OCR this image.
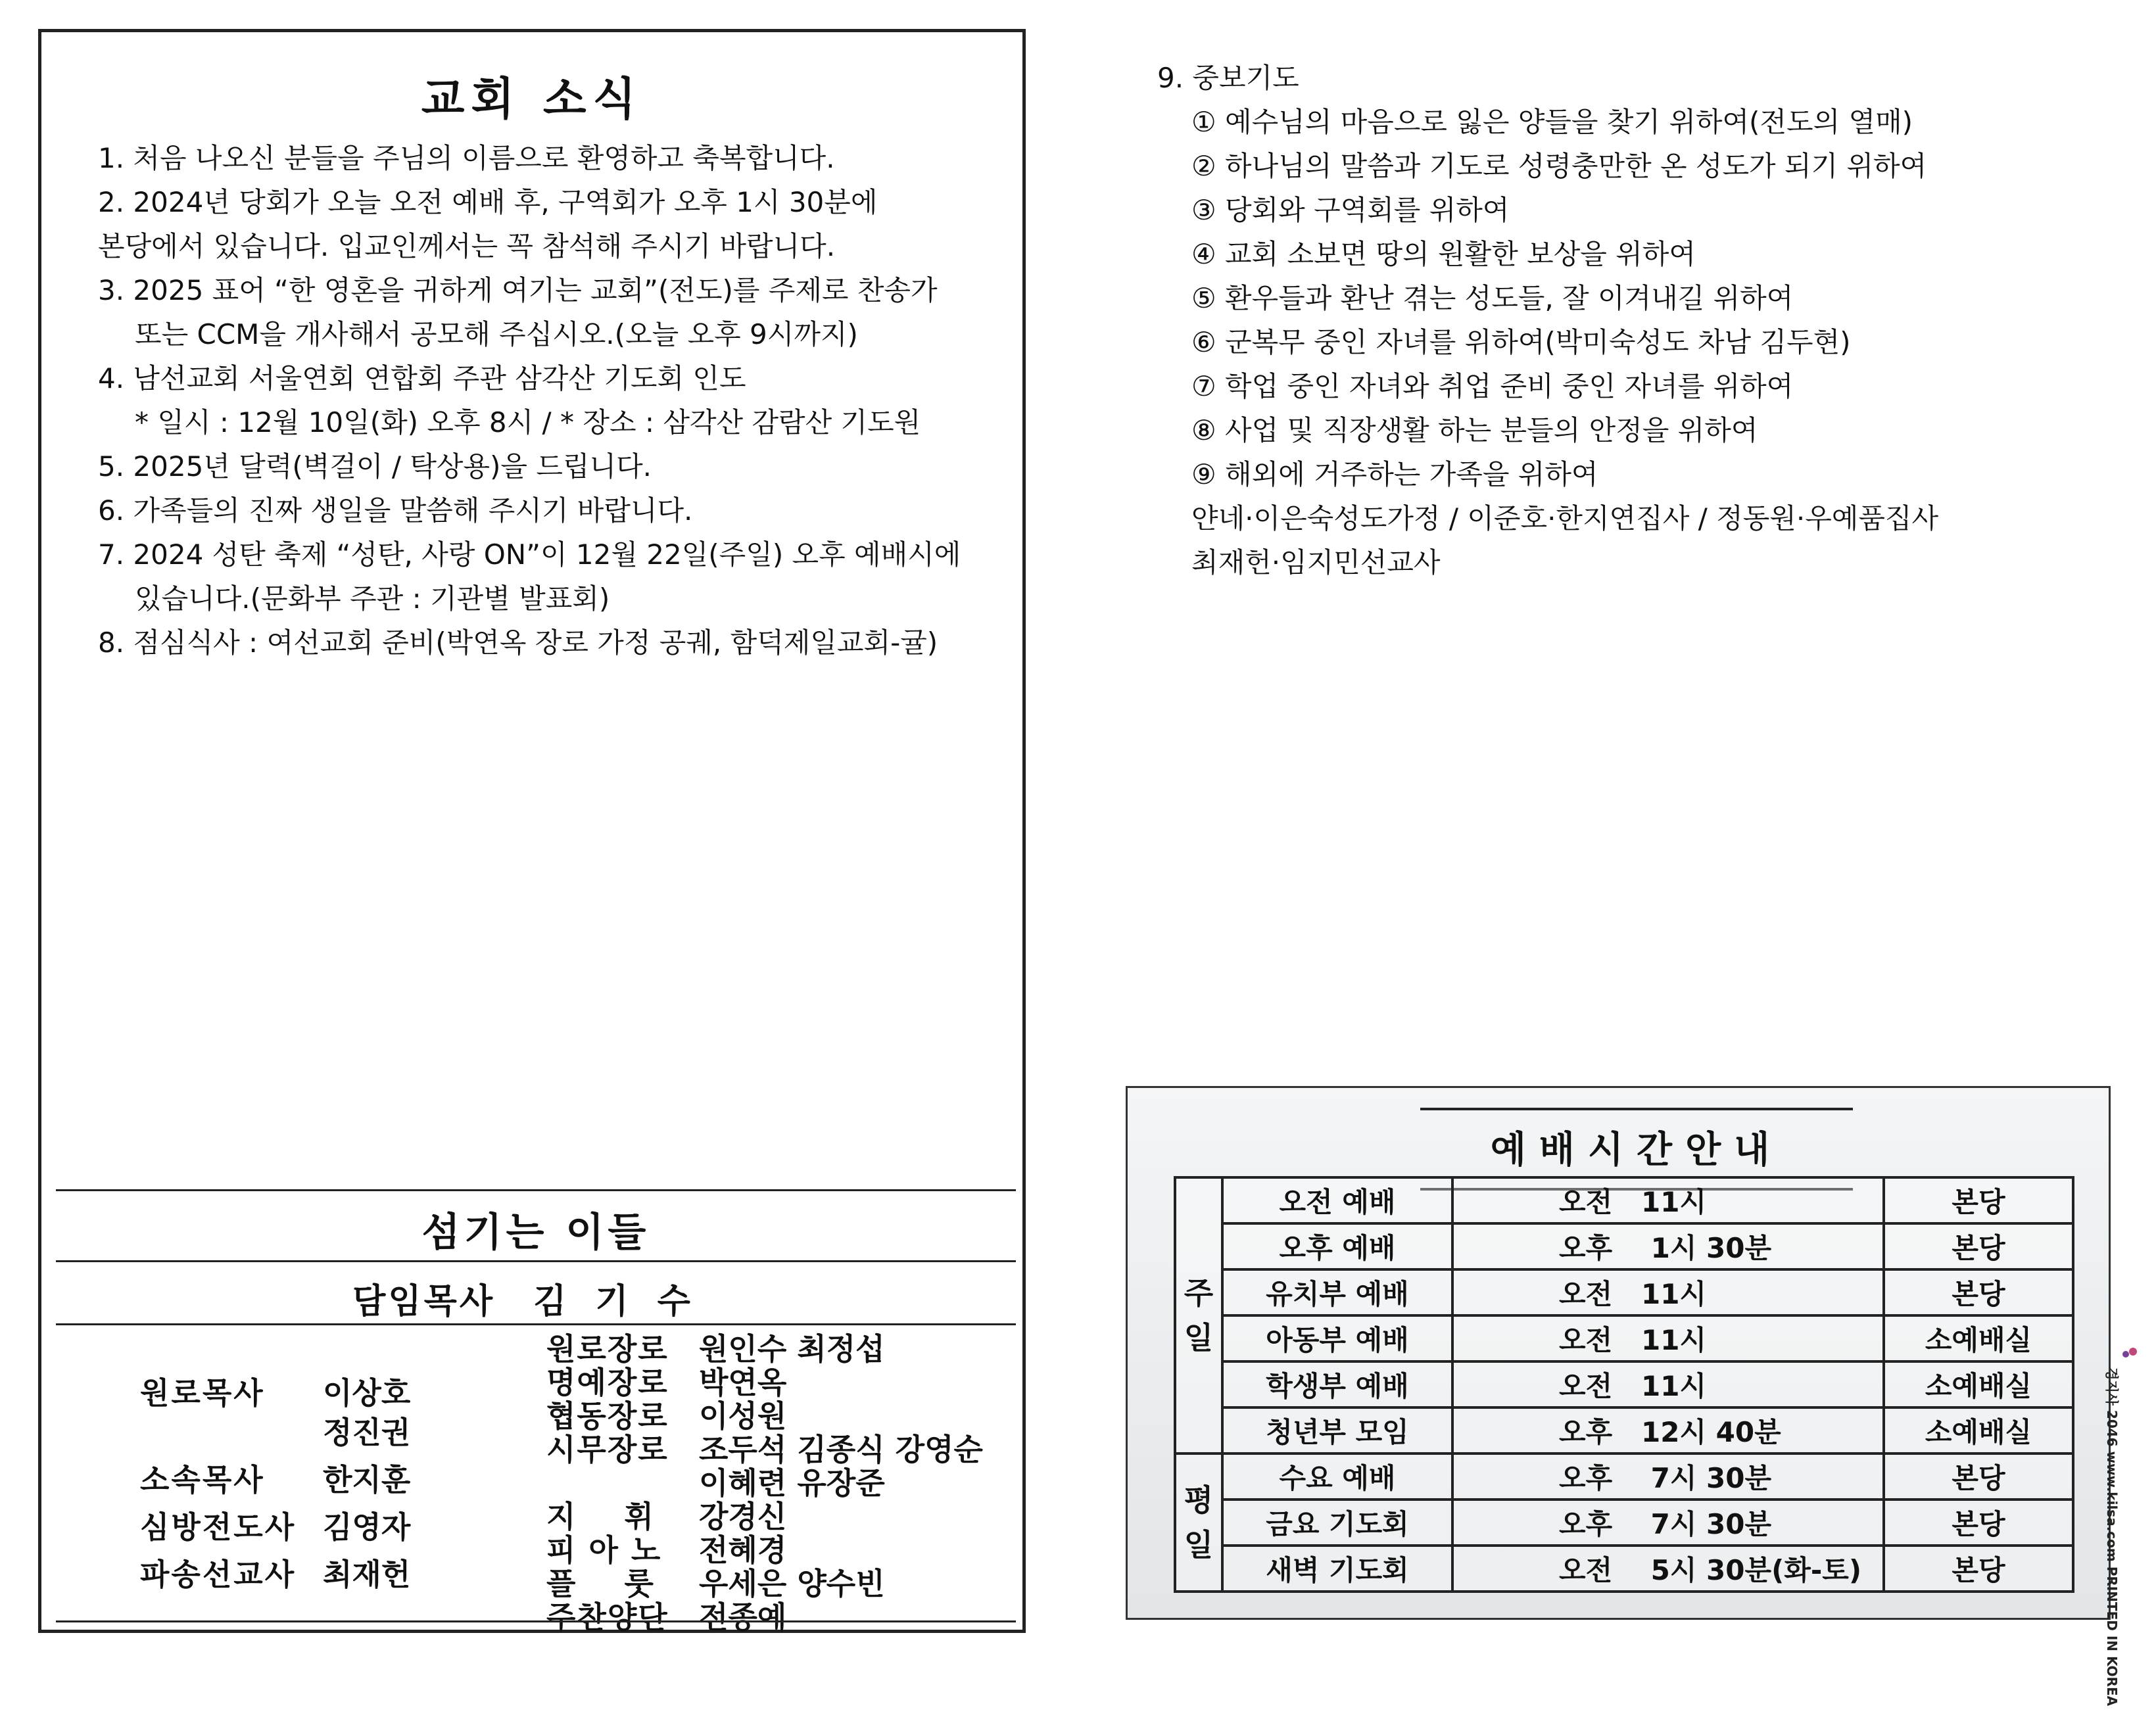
교회 소식
1. 처음 나오신 분들을 주님의 이름으로 환영하고 축복합니다.
2. 2024년 당회가 오늘 오전 예배 후, 구역회가 오후 1시 30분에
본당에서 있습니다. 입교인께서는 꼭 참석해 주시기 바랍니다.
3. 2025 표어 “한 영혼을 귀하게 여기는 교회”(전도)를 주제로 찬송가
또는 CCM을 개사해서 공모해 주십시오.(오늘 오후 9시까지)
4. 남선교회 서울연회 연합회 주관 삼각산 기도회 인도
* 일시 : 12월 10일(화) 오후 8시 / * 장소 : 삼각산 감람산 기도원
5. 2025년 달력(벽걸이 / 탁상용)을 드립니다.
6. 가족들의 진짜 생일을 말씀해 주시기 바랍니다.
7. 2024 성탄 축제 “성탄, 사랑 ON”이 12월 22일(주일) 오후 예배시에
있습니다.(문화부 주관 : 기관별 발표회)
8. 점심식사 : 여선교회 준비(박연옥 장로 가정 공궤, 함덕제일교회-귤)
섬기는 이들
담임목사 김기수
원로목사 이상호
정진권
소속목사 한지훈
심방전도사 김영자
파송선교사 최재헌
원로장로 원인수 최정섭
명예장로 박연옥
협동장로 이성원
시무장로 조두석 김종식 강영순
이혜련 유장준
지    휘 강경신
피 아 노 전혜경
플    룻 우세은 양수빈
주찬양단 전종예
9. 중보기도
① 예수님의 마음으로 잃은 양들을 찾기 위하여(전도의 열매)
② 하나님의 말씀과 기도로 성령충만한 온 성도가 되기 위하여
③ 당회와 구역회를 위하여
④ 교회 소보면 땅의 원활한 보상을 위하여
⑤ 환우들과 환난 겪는 성도들, 잘 이겨내길 위하여
⑥ 군복무 중인 자녀를 위하여(박미숙성도 차남 김두현)
⑦ 학업 중인 자녀와 취업 준비 중인 자녀를 위하여
⑧ 사업 및 직장생활 하는 분들의 안정을 위하여
⑨ 해외에 거주하는 가족을 위하여
얀네·이은숙성도가정 / 이준호·한지연집사 / 정동원·우예품집사
최재헌·임지민선교사
예배시간안내
주
일	오전 예배	오전   11시	본당
	오후 예배	오후    1시 30분	본당
	유치부 예배	오전   11시	본당
	아동부 예배	오전   11시	소예배실
	학생부 예배	오전   11시	소예배실
	청년부 모임	오후   12시 40분	소예배실
평
일	수요 예배	오후    7시 30분	본당
	금요 기도회	오후    7시 30분	본당
	새벽 기도회	오전    5시 30분(화-토)	본당	경지사 2046 www.kilsa.com PRINTED IN KOREA
